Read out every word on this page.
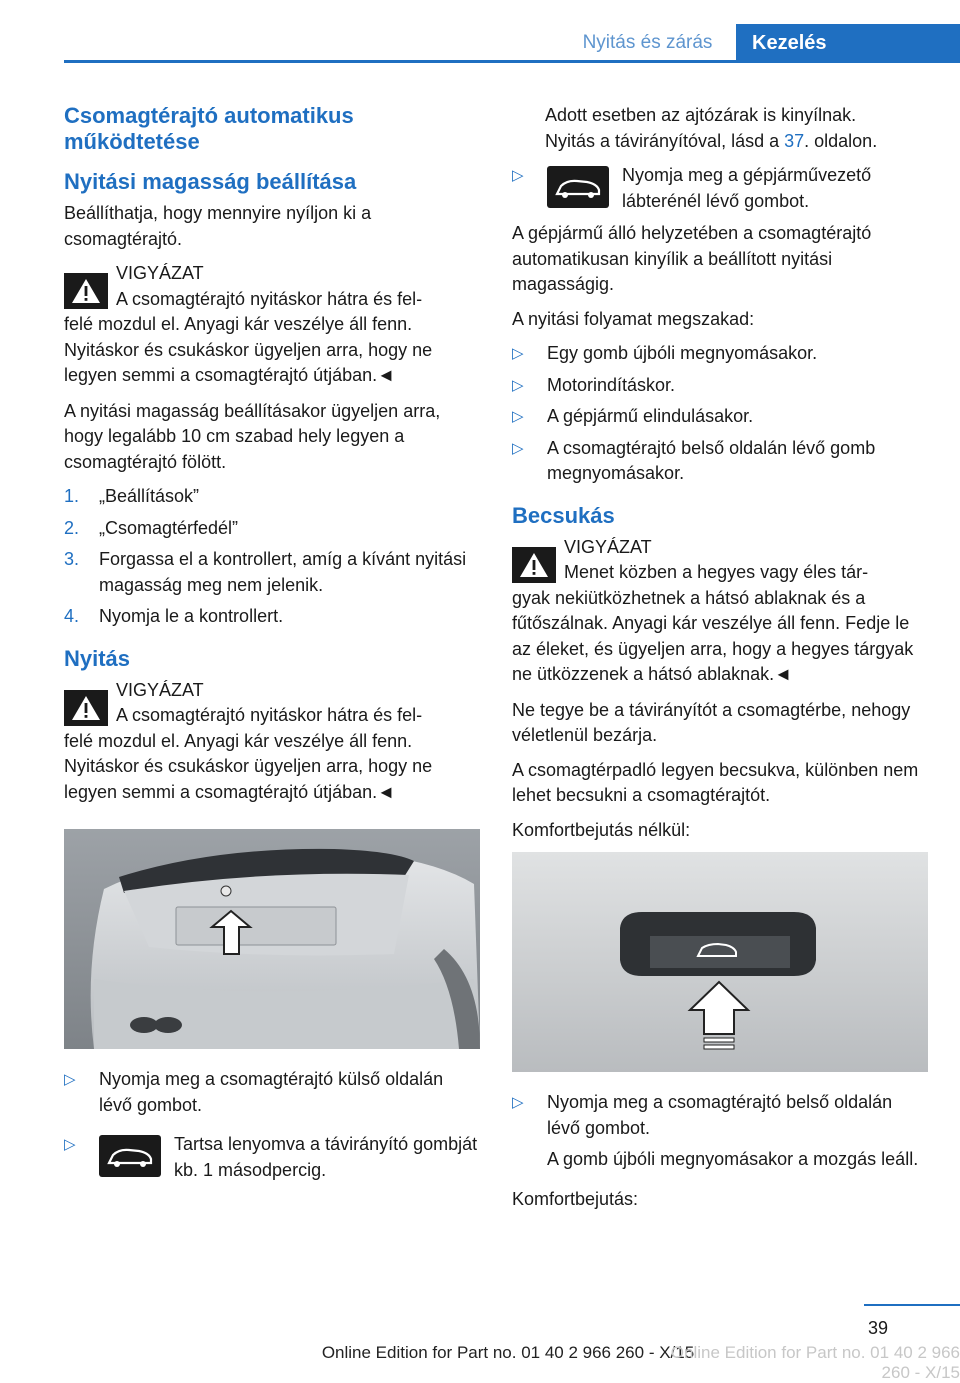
Nyitás és zárás	Kezelés
Csomagtérajtó automatikus működtetése
Nyitási magasság beállítása

Beállíthatja, hogy mennyire nyíljon ki a csomagtérajtó.

VIGYÁZAT

A csomagtérajtó nyitáskor hátra és fel-

felé mozdul el. Anyagi kár veszélye áll fenn. Nyitáskor és csukáskor ügyeljen arra, hogy ne legyen semmi a csomagtérajtó útjában.◄

A nyitási magasság beállításakor ügyeljen arra, hogy legalább 10 cm szabad hely legyen a csomagtérajtó fölött.

1. „Beállítások”
2. „Csomagtérfedél”
3. Forgassa el a kontrollert, amíg a kívánt nyitási magasság meg nem jelenik.
4. Nyomja le a kontrollert.
Nyitás

VIGYÁZAT

A csomagtérajtó nyitáskor hátra és fel-

felé mozdul el. Anyagi kár veszélye áll fenn. Nyitáskor és csukáskor ügyeljen arra, hogy ne legyen semmi a csomagtérajtó útjában.◄

▷ Nyomja meg a csomagtérajtó külső oldalán lévő gombot.
▷	Tartsa lenyomva a távirányító gombját kb. 1 másodpercig.

Adott esetben az ajtózárak is kinyílnak.

Nyitás a távirányítóval, lásd a 37. oldalon.

▷	Nyomja meg a gépjárművezető lábterénél lévő gombot.

A gépjármű álló helyzetében a csomagtérajtó automatikusan kinyílik a beállított nyitási magasságig.

A nyitási folyamat megszakad:

▷ Egy gomb újbóli megnyomásakor.
▷ Motorindításkor.
▷ A gépjármű elindulásakor.
▷ A csomagtérajtó belső oldalán lévő gomb megnyomásakor.
Becsukás

VIGYÁZAT

Menet közben a hegyes vagy éles tár-

gyak nekiütközhetnek a hátsó ablaknak és a fűtőszálnak. Anyagi kár veszélye áll fenn. Fedje le az éleket, és ügyeljen arra, hogy a hegyes tárgyak ne ütközzenek a hátsó ablaknak.◄

Ne tegye be a távirányítót a csomagtérbe, nehogy véletlenül bezárja.

A csomagtérpadló legyen becsukva, különben nem lehet becsukni a csomagtérajtót.

Komfortbejutás nélkül:

▷ Nyomja meg a csomagtérajtó belső oldalán lévő gombot.

A gomb újbóli megnyomásakor a mozgás leáll.

Komfortbejutás:

39
Online Edition for Part no. 01 40 2 966 260 - X/15
Online Edition for Part no. 01 40 2 966 260 - X/15
